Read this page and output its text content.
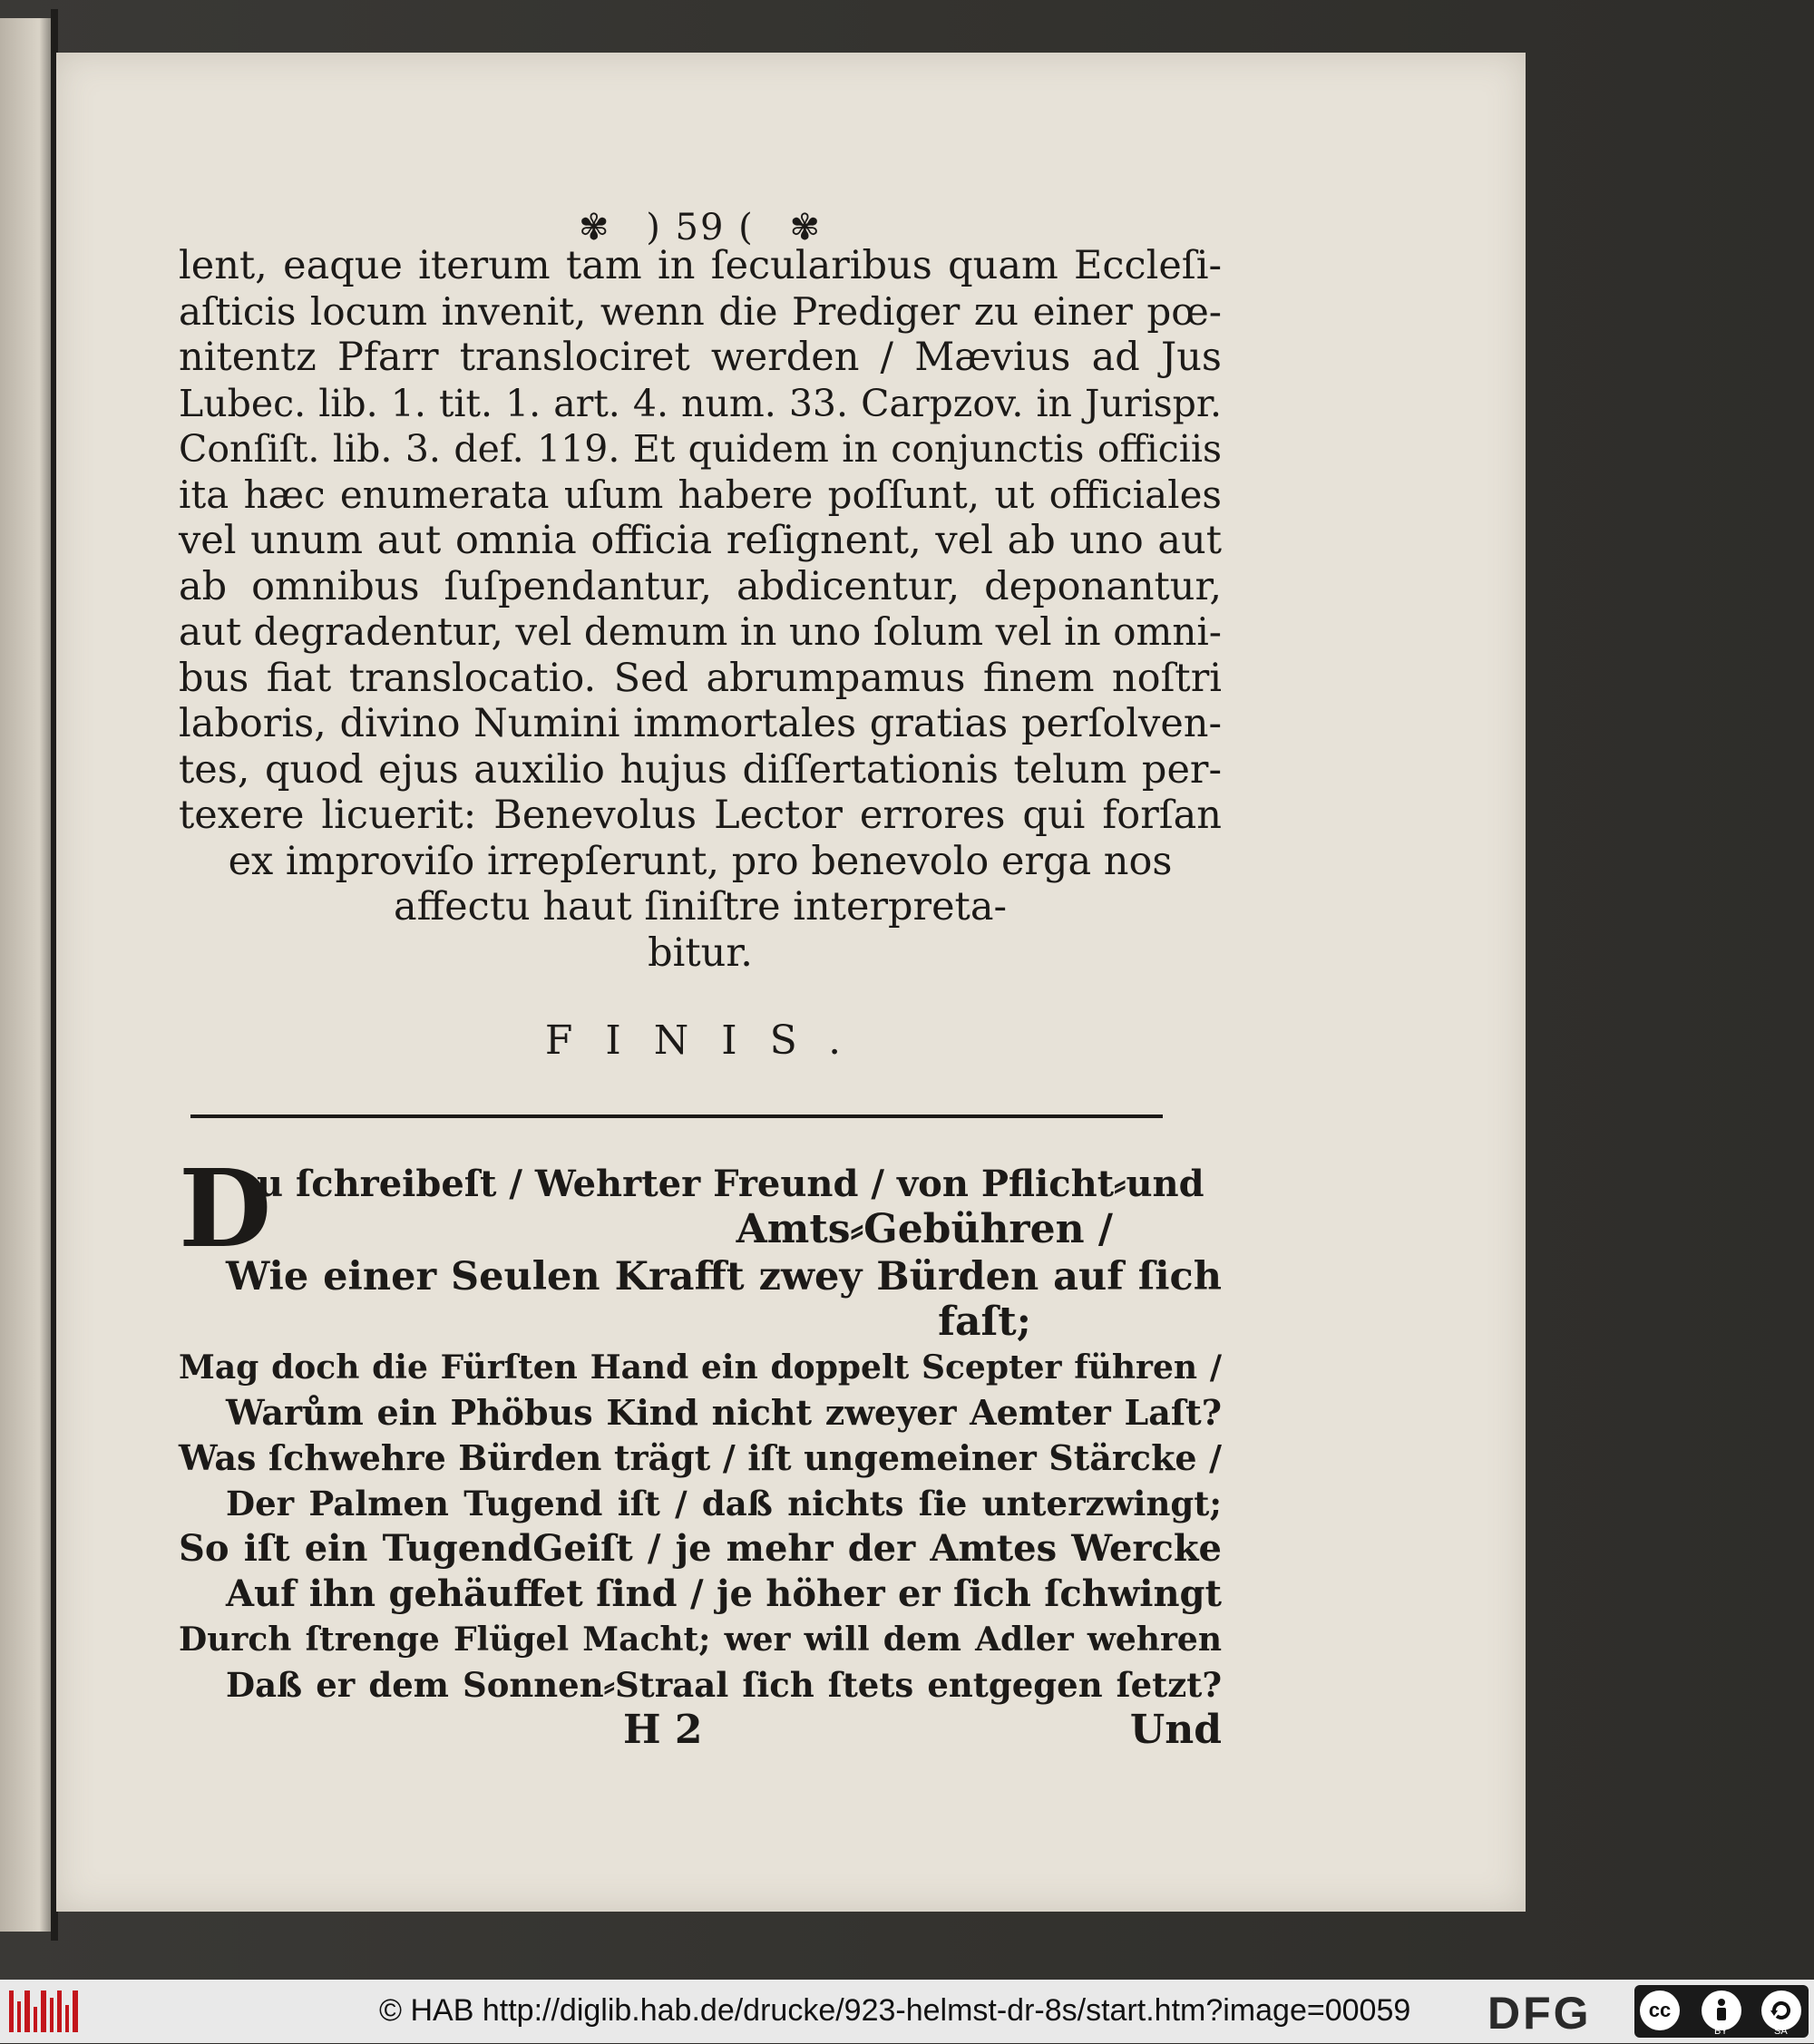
✾ ) 59 ( ✾
lent, eaque iterum tam in ſecularibus quam Eccleſi-
aſticis locum invenit, wenn die Prediger zu einer pœ-
nitentz Pfarr translociret werden / Mævius ad Jus
Lubec. lib. 1. tit. 1. art. 4. num. 33. Carpzov. in Jurispr.
Conſiſt. lib. 3. def. 119. Et quidem in conjunctis officiis
ita hæc enumerata uſum habere poſſunt, ut officiales
vel unum aut omnia officia reſignent, vel ab uno aut
ab omnibus ſuſpendantur, abdicentur, deponantur,
aut degradentur, vel demum in uno ſolum vel in omni-
bus fiat translocatio. Sed abrumpamus finem noſtri
laboris, divino Numini immortales gratias perſolven-
tes, quod ejus auxilio hujus diſſertationis telum per-
texere licuerit: Benevolus Lector errores qui forſan
ex improviſo irrepſerunt, pro benevolo erga nos
affectu haut ſiniſtre interpreta-
bitur.
FINIS.
D
u ſchreibeſt / Wehrter Freund / von Pflicht⸗und
Amts⸗Gebühren /
Wie einer Seulen Krafft zwey Bürden auf ſich
faſt;
Mag doch die Fürſten Hand ein doppelt Scepter führen /
Warům ein Phöbus Kind nicht zweyer Aemter Laſt?
Was ſchwehre Bürden trägt / iſt ungemeiner Stärcke /
Der Palmen Tugend iſt / daß nichts ſie unterzwingt;
So iſt ein TugendGeiſt / je mehr der Amtes Wercke
Auf ihn gehäuffet ſind / je höher er ſich ſchwingt
Durch ſtrenge Flügel Macht; wer will dem Adler wehren
Daß er dem Sonnen⸗Straal ſich ſtets entgegen ſetzt?
H 2	Und
© HAB http://diglib.hab.de/drucke/923-helmst-dr-8s/start.htm?image=00059 DFG	cc
BY	SA
